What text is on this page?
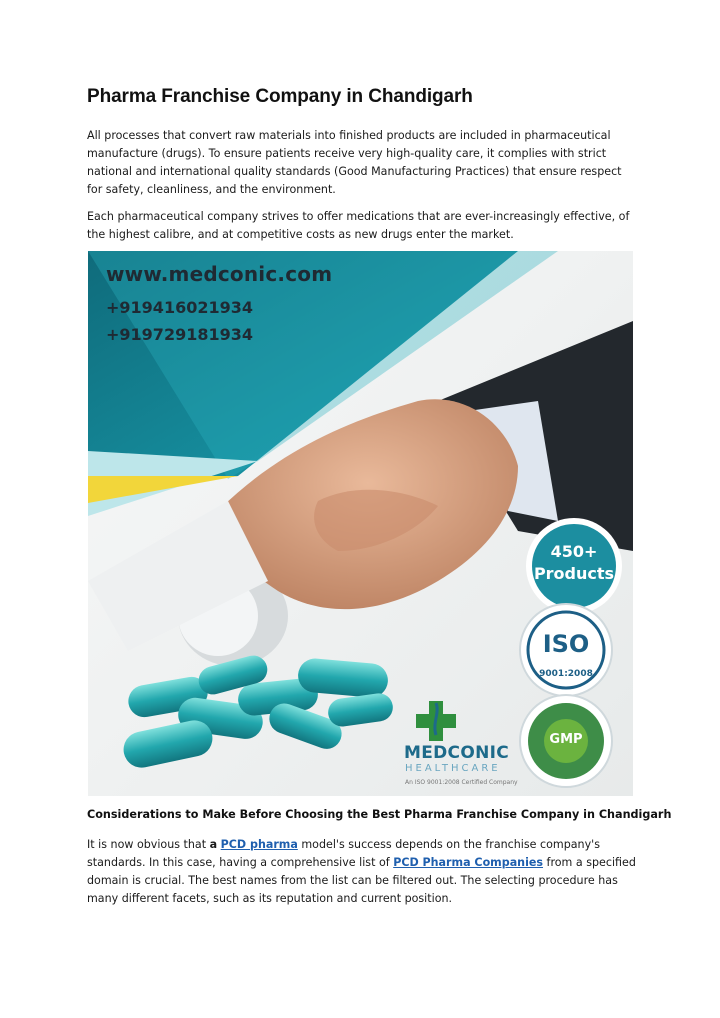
Pharma Franchise Company in Chandigarh

All processes that convert raw materials into finished products are included in pharmaceutical manufacture (drugs). To ensure patients receive very high-quality care, it complies with strict national and international quality standards (Good Manufacturing Practices) that ensure respect for safety, cleanliness, and the environment.

Each pharmaceutical company strives to offer medications that are ever-increasingly effective, of the highest calibre, and at competitive costs as new drugs enter the market.

www.medconic.com
+919416021934
+919729181934
450+
Products
ISO
9001:2008
GMP
MEDCONIC
HEALTHCARE
An ISO 9001:2008 Certified Company
Considerations to Make Before Choosing the Best Pharma Franchise Company in Chandigarh

It is now obvious that a PCD pharma model's success depends on the franchise company's standards. In this case, having a comprehensive list of PCD Pharma Companies from a specified domain is crucial. The best names from the list can be filtered out. The selecting procedure has many different facets, such as its reputation and current position.
